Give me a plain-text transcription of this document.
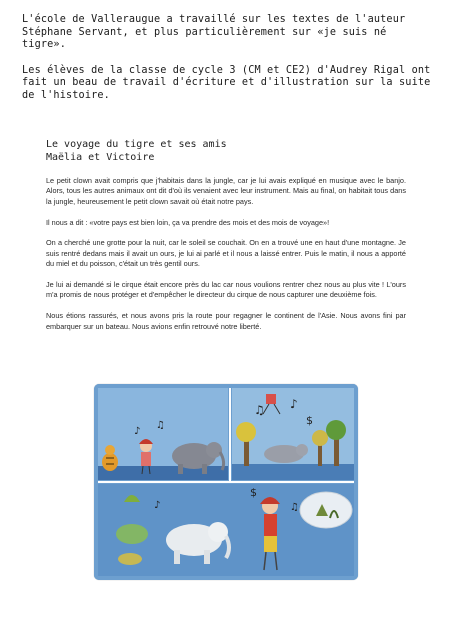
L'école de Valleraugue a travaillé sur les textes de l'auteur Stéphane Servant, et plus particulièrement sur «je suis né tigre».

Les élèves de la classe de cycle 3 (CM et CE2) d'Audrey Rigal ont fait un beau de travail d'écriture et d'illustration sur la suite de l'histoire.

Le voyage du tigre et ses amis
Maëlia et Victoire

Le petit clown avait compris que j'habitais dans la jungle, car je lui avais expliqué en musique avec le banjo. Alors, tous les autres animaux ont dit d'où ils venaient avec leur instrument. Mais au final, on habitait tous dans la jungle, heureusement le petit clown savait où était notre pays.

Il nous a dit : «votre pays est bien loin, ça va prendre des mois et des mois de voyage»!

On a cherché une grotte pour la nuit, car le soleil se couchait. On en a trouvé une en haut d'une montagne. Je suis rentré dedans mais il avait un ours, je lui ai parlé et il nous a laissé entrer. Puis le matin, il nous a apporté du miel et du poisson, c'était un très gentil ours.

Je lui ai demandé si le cirque était encore près du lac car nous voulions rentrer chez nous au plus vite ! L'ours m'a promis de nous protéger et d'empêcher le directeur du cirque de nous capturer une deuxième fois.

Nous étions rassurés, et nous avons pris la route pour regagner le continent de l'Asie. Nous avons fini par embarquer sur un bateau. Nous avions enfin retrouvé notre liberté.

♪
♫
♫ ♪
$
♪
$
♫
